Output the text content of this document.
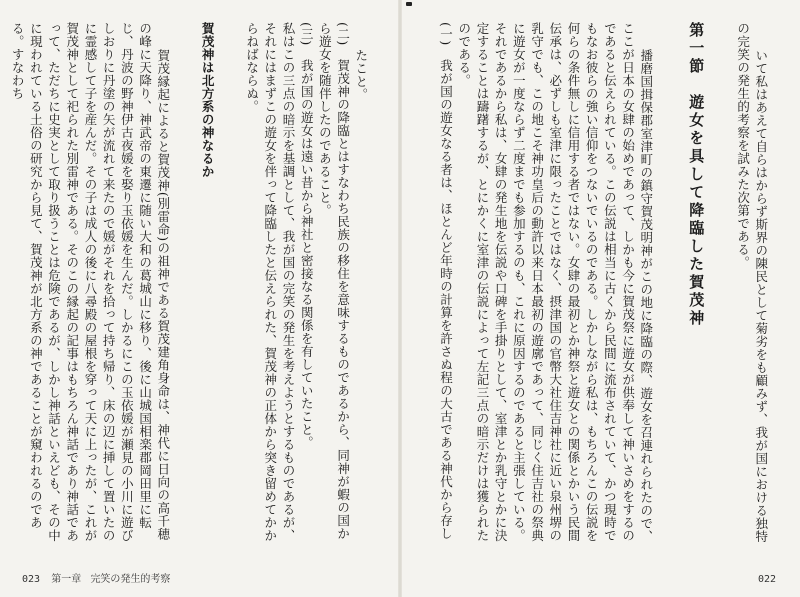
たこと。
(二)　賀茂神の降臨とはすなわち民族の移住を意味するものであるから、同神が蝦の国から遊女を随伴したのであること。
(三)　我が国の遊女は遠い昔から神社と密接なる関係を有していたこと。
私はこの三点の暗示を基調として、我が国の完笑の発生を考えようとするものであるが、それにはまずこの遊女を伴って降臨したと伝えられた、賀茂神の正体から突き留めてかからねばならぬ。

賀茂神は北方系の神なるか

賀茂縁起によると賀茂神(別雷命)の祖神である賀茂建角身命は、神代に日向の高千穂の峰に天降り、神武帝の東遷に随い大和の葛城山に移り、後に山城国相楽郡岡田里に転じ、丹波の野神伊古夜媛を娶り玉依媛を生んだ。しかるにこの玉依媛が瀬見の小川に遊びしおりに丹塗の矢が流れて来たので媛がそれを拾って持ち帰り、床の辺に挿して置いたのに霊感して子を産んだ。その子は成人の後に八尋殿の屋根を穿って天に上ったが、これが賀茂神として祀られた別雷神である。そのこの縁起の記事はもちろん神話であり神話であって、ただちに史実として取り扱うことは危険であるが、しかし神話といえども、その中に現われている土俗の研究から見て、賀茂神が北方系の神であることが窺われるのである。すなわち

023 第一章 完笑の発生的考察

いて私はあえて自らはからず斯界の陳民として菊劣をも顧みず、我が国における独特の完笑の発生的考察を試みた次第である。

第一節　遊女を具して降臨した賀茂神

播磨国揖保郡室津町の鎮守賀茂明神がこの地に降臨の際、遊女を召連れられたので、ここが日本の女肆の始めであって、しかも今に賀茂祭に遊女が供奉して神いさめをするのであると伝えられている。この伝説は相当に古くから民間に流布されていて、かつ現時でもなお彼らの強い信仰をつないでいるのである。しかしながら私は、もちろんこの伝説を何らの条件無しに信用する者ではない。女肆の最初とか神祭と遊女との関係とかいう民間伝承は、必ずしも室津に限ったことではなく、摂津国の官幣大社住吉神社に近い泉州堺の乳守でも、この地こそ神功皇后の動許以来日本最初の遊廓であって、同じく住吉社の祭典に遊女が一度ならず二度までも参加するのも、これに原因するのであると主張している。それであるから私は、女肆の発生地を伝説や口碑を手掛りとして、室津とか乳守とかに決定することは躊躇するが、とにかくに室津の伝説によって左記三点の暗示だけは獲られたのである。
(一)　我が国の遊女なる者は、ほとんど年時の計算を許さぬ程の大古である神代から存し

022
